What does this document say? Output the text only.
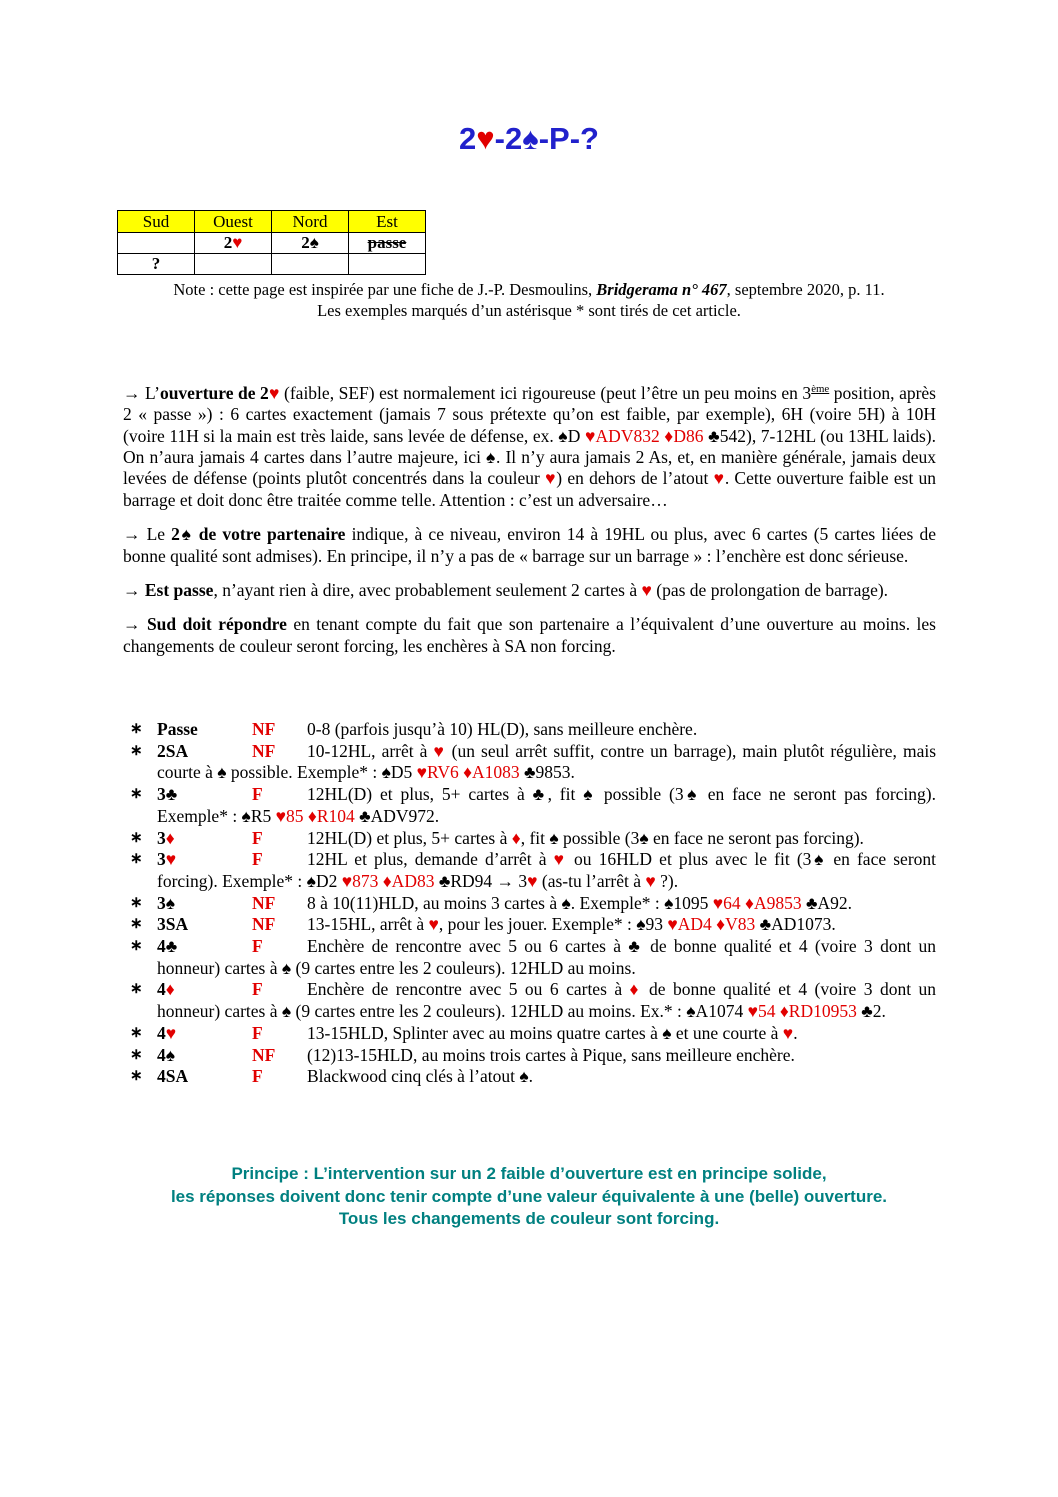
2♥-2♠-P-?
Sud	Ouest	Nord	Est
	2♥	2♠	passe
?			
Note : cette page est inspirée par une fiche de J.-P. Desmoulins, Bridgerama n° 467, septembre 2020, p. 11.
Les exemples marqués d’un astérisque * sont tirés de cet article.

→ L’ouverture de 2♥ (faible, SEF) est normalement ici rigoureuse (peut l’être un peu moins en 3ème position, après 2 « passe ») : 6 cartes exactement (jamais 7 sous prétexte qu’on est faible, par exemple), 6H (voire 5H) à 10H (voire 11H si la main est très laide, sans levée de défense, ex. ♠D ♥ADV832 ♦D86 ♣542), 7-12HL (ou 13HL laids). On n’aura jamais 4 cartes dans l’autre majeure, ici ♠. Il n’y aura jamais 2 As, et, en manière générale, jamais deux levées de défense (points plutôt concentrés dans la couleur ♥) en dehors de l’atout ♥. Cette ouverture faible est un barrage et doit donc être traitée comme telle. Attention : c’est un adversaire…

→ Le 2♠ de votre partenaire indique, à ce niveau, environ 14 à 19HL ou plus, avec 6 cartes (5 cartes liées de bonne qualité sont admises). En principe, il n’y a pas de « barrage sur un barrage » : l’enchère est donc sérieuse.

→ Est passe, n’ayant rien à dire, avec probablement seulement 2 cartes à ♥ (pas de prolongation de barrage).

→ Sud doit répondre en tenant compte du fait que son partenaire a l’équivalent d’une ouverture au moins. les changements de couleur seront forcing, les enchères à SA non forcing.

∗ Passe	NF 0-8 (parfois jusqu’à 10) HL(D), sans meilleure enchère.
∗ 2SA	NF 10-12HL, arrêt à ♥ (un seul arrêt suffit, contre un barrage), main plutôt régulière, mais courte à ♠ possible. Exemple* : ♠D5 ♥RV6 ♦A1083 ♣9853.
∗ 3♣	F	12HL(D) et plus, 5+ cartes à ♣, fit ♠ possible (3♠ en face ne seront pas forcing). Exemple* : ♠R5 ♥85 ♦R104 ♣ADV972.
∗ 3♦	F	12HL(D) et plus, 5+ cartes à ♦, fit ♠ possible (3♠ en face ne seront pas forcing).
∗ 3♥	F	12HL et plus, demande d’arrêt à ♥ ou 16HLD et plus avec le fit (3♠ en face seront forcing). Exemple* : ♠D2 ♥873 ♦AD83 ♣RD94 → 3♥ (as-tu l’arrêt à ♥ ?).
∗ 3♠	NF 8 à 10(11)HLD, au moins 3 cartes à ♠. Exemple* : ♠1095 ♥64 ♦A9853 ♣A92.
∗ 3SA	NF 13-15HL, arrêt à ♥, pour les jouer. Exemple* : ♠93 ♥AD4 ♦V83 ♣AD1073.
∗ 4♣	F	Enchère de rencontre avec 5 ou 6 cartes à ♣ de bonne qualité et 4 (voire 3 dont un honneur) cartes à ♠ (9 cartes entre les 2 couleurs). 12HLD au moins.
∗ 4♦	F	Enchère de rencontre avec 5 ou 6 cartes à ♦ de bonne qualité et 4 (voire 3 dont un honneur) cartes à ♠ (9 cartes entre les 2 couleurs). 12HLD au moins. Ex.* : ♠A1074 ♥54 ♦RD10953 ♣2.
∗ 4♥	F	13-15HLD, Splinter avec au moins quatre cartes à ♠ et une courte à ♥.
∗ 4♠	NF (12)13-15HLD, au moins trois cartes à Pique, sans meilleure enchère.
∗ 4SA	F	Blackwood cinq clés à l’atout ♠.
Principe : L’intervention sur un 2 faible d’ouverture est en principe solide,
les réponses doivent donc tenir compte d’une valeur équivalente à une (belle) ouverture.
Tous les changements de couleur sont forcing.
